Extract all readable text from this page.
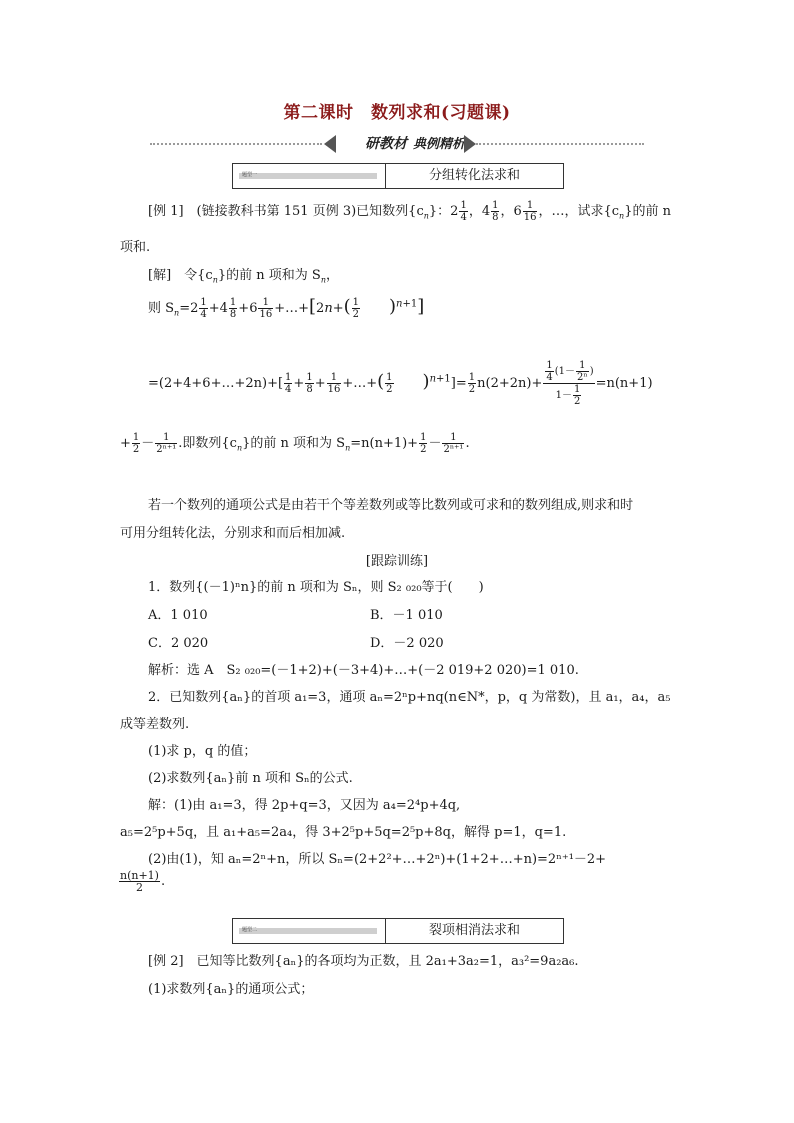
第二课时　数列求和(习题课)
研教材 典例精析
题型一	分组转化法求和
[例 1]　(链接教科书第 151 页例 3)已知数列$\{c_n\}$：$2 \frac{1}{4}$ ，$4 \frac{1}{8}$ ，$6 \frac{1}{16}$ ，…，试求$\{c_n\}$的前 n
项和.
[解]　令$\{c_n\}$的前 n 项和为 $S_n$，
则 $S_n=2 \frac{1}{4} +4 \frac{1}{8} +6 \frac{1}{16}$ +…+[2n+( $\frac{1}{2} )^{n+1}$]
=(2+4+6+…+2n)+[ $\frac{1}{4} + \frac{1}{8} + \frac{1}{16}$ +…+( $\frac{1}{2} )^{n+1}]= \frac{1}{2} n(2+2n)+ \frac{\frac{1}{4} (1- \frac{1}{\text{2ⁿ}} )}{1- \frac{1}{2}} =n(n+1)$
+ $\frac{1}{2} - \frac{1}{\text{2ⁿ⁺¹}}$ .即数列$\{c_n\}$的前 n 项和为 $S_n=n(n+1)+ \frac{1}{2} - \frac{1}{\text{2ⁿ⁺¹}}$ .
若一个数列的通项公式是由若干个等差数列或等比数列或可求和的数列组成,则求和时
可用分组转化法，分别求和而后相加减.
[跟踪训练]
1．数列{(－1)ⁿn}的前 n 项和为 Sₙ，则 S₂ ₀₂₀等于(　　)
A．1 010	B．－1 010
C．2 020	D．－2 020
解析：选 A　S₂ ₀₂₀=(－1+2)+(－3+4)+…+(－2 019+2 020)=1 010.
2．已知数列{aₙ}的首项 a₁=3，通项 aₙ=2ⁿp+nq(n∈N*，p，q 为常数)，且 a₁，a₄，a₅
成等差数列.
(1)求 p，q 的值；
(2)求数列{aₙ}前 n 项和 Sₙ的公式.
解：(1)由 a₁=3，得 2p+q=3，又因为 a₄=2⁴p+4q,
a₅=2⁵p+5q，且 a₁+a₅=2a₄，得 3+2⁵p+5q=2⁵p+8q，解得 p=1，q=1.
(2)由(1)，知 aₙ=2ⁿ+n，所以 Sₙ=(2+2²+…+2ⁿ)+(1+2+…+n)=2ⁿ⁺¹－2+
$\frac{n(n+1)}{2}$ .
题型二	裂项相消法求和
[例 2]　已知等比数列{aₙ}的各项均为正数，且 2a₁+3a₂=1，a₃²=9a₂a₆.
(1)求数列{aₙ}的通项公式；
